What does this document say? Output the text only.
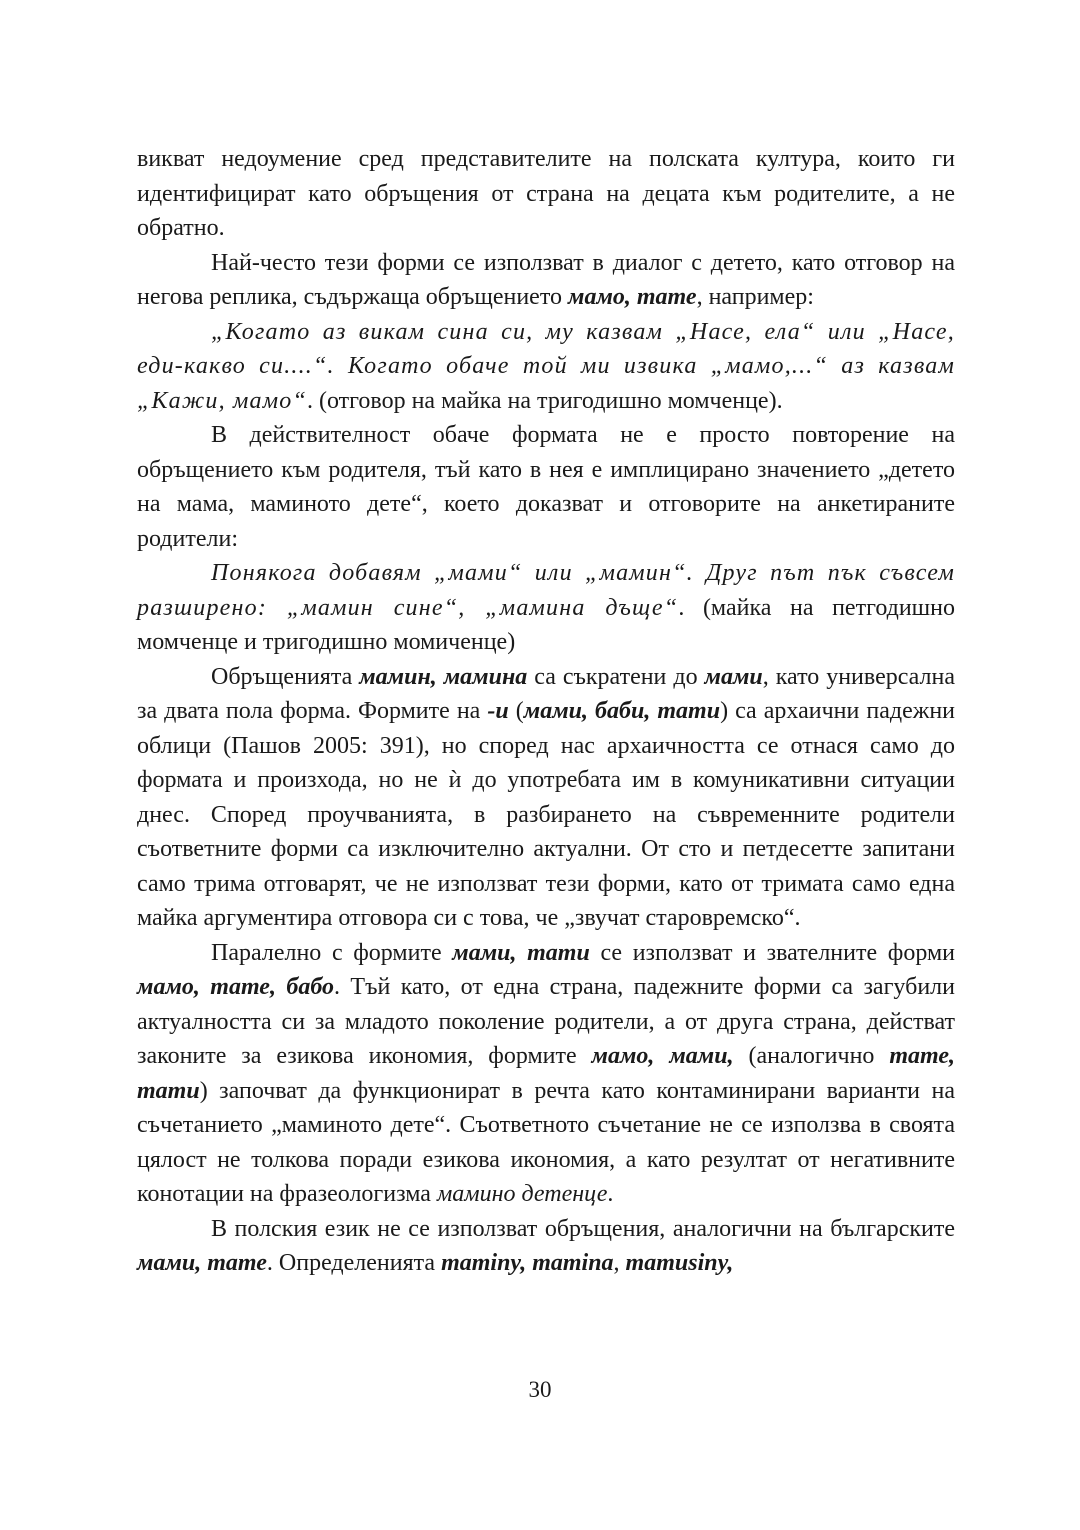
викват недоумение сред представителите на полската култура, които ги идентифицират като обръщения от страна на децата към родителите, а не обратно.

Най-често тези форми се използват в диалог с детето, като отговор на негова реплика, съдържаща обръщението мамо, тате, например:

„Когато аз викам сина си, му казвам „Насе, ела“ или „Насе, еди-какво си....“. Когато обаче той ми извика „мамо,...“ аз казвам „Кажи, мамо“. (отговор на майка на тригодишно момченце).

В действителност обаче формата не е просто повторение на обръщението към родителя, тъй като в нея е имплицирано значението „детето на мама, маминото дете“, което доказват и отговорите на анкетираните родители:

Понякога добавям „мами“ или „мамин“. Друг път пък съвсем разширено: „мамин сине“, „мамина дъще“. (майка на петгодишно момченце и тригодишно момиченце)

Обръщенията мамин, мамина са съкратени до мами, като универсална за двата пола форма. Формите на -и (мами, баби, тати) са архаични падежни облици (Пашов 2005: 391), но според нас архаичността се отнася само до формата и произхода, но не ѝ до употребата им в комуникативни ситуации днес. Според проучванията, в разбирането на съвременните родители съответните форми са изключително актуални. От сто и петдесетте запитани само трима отговарят, че не използват тези форми, като от тримата само една майка аргументира отговора си с това, че „звучат старовремско“.

Паралелно с формите мами, тати се използват и звателните форми мамо, тате, бабо. Тъй като, от една страна, падежните форми са загубили актуалността си за младото поколение родители, а от друга страна, действат законите за езикова икономия, формите мамо, мами, (аналогично тате, тати) започват да функционират в речта като контаминирани варианти на съчетанието „маминото дете“. Съответното съчетание не се използва в своята цялост не толкова поради езикова икономия, а като резултат от негативните конотации на фразеологизма мамино детенце.

В полския език не се използват обръщения, аналогични на българските мами, тате. Определенията maminy, mamina, mamusiny,

30
